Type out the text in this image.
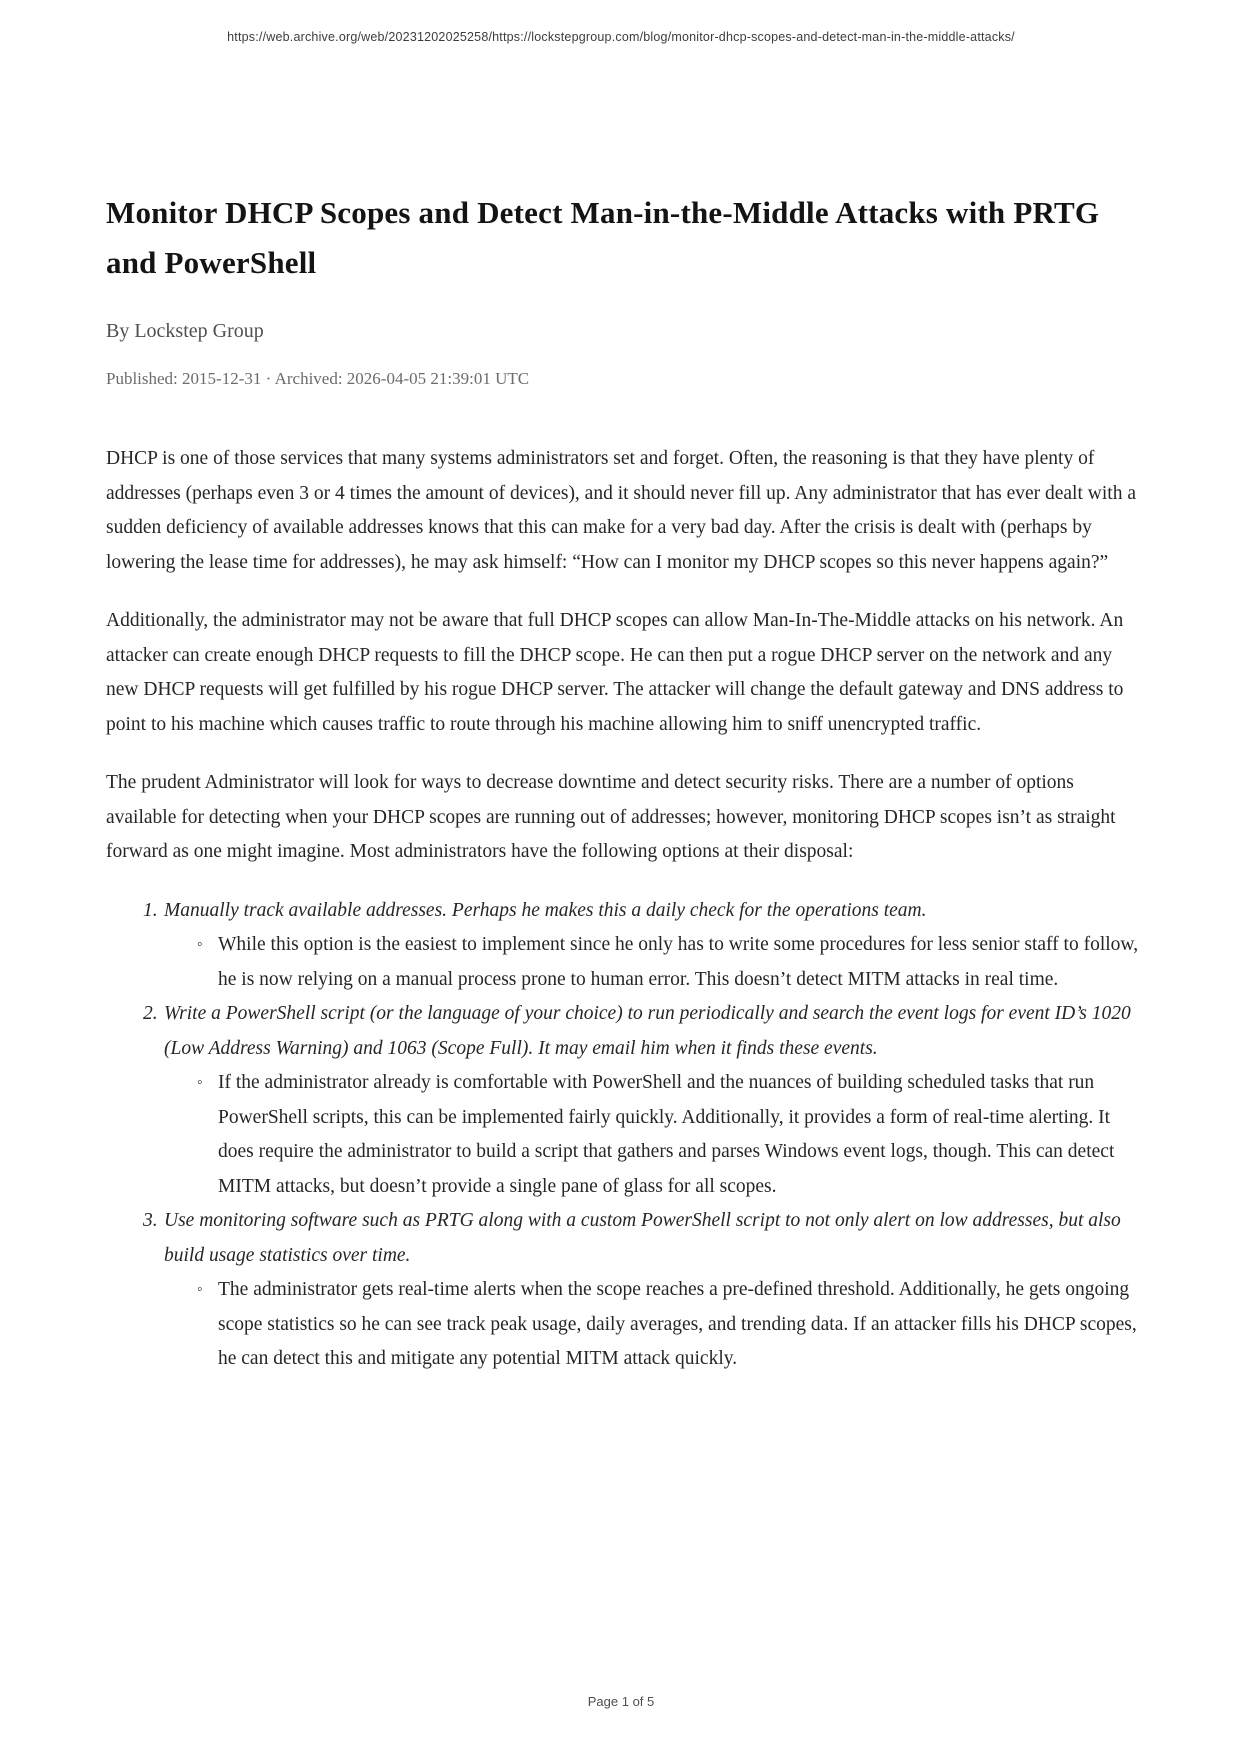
https://web.archive.org/web/20231202025258/https://lockstepgroup.com/blog/monitor-dhcp-scopes-and-detect-man-in-the-middle-attacks/
Monitor DHCP Scopes and Detect Man-in-the-Middle Attacks with PRTG and PowerShell
By Lockstep Group
Published: 2015-12-31 · Archived: 2026-04-05 21:39:01 UTC

DHCP is one of those services that many systems administrators set and forget. Often, the reasoning is that they have plenty of addresses (perhaps even 3 or 4 times the amount of devices), and it should never fill up. Any administrator that has ever dealt with a sudden deficiency of available addresses knows that this can make for a very bad day. After the crisis is dealt with (perhaps by lowering the lease time for addresses), he may ask himself: “How can I monitor my DHCP scopes so this never happens again?”

Additionally, the administrator may not be aware that full DHCP scopes can allow Man-In-The-Middle attacks on his network. An attacker can create enough DHCP requests to fill the DHCP scope. He can then put a rogue DHCP server on the network and any new DHCP requests will get fulfilled by his rogue DHCP server. The attacker will change the default gateway and DNS address to point to his machine which causes traffic to route through his machine allowing him to sniff unencrypted traffic.

The prudent Administrator will look for ways to decrease downtime and detect security risks. There are a number of options available for detecting when your DHCP scopes are running out of addresses; however, monitoring DHCP scopes isn’t as straight forward as one might imagine. Most administrators have the following options at their disposal:

1. Manually track available addresses. Perhaps he makes this a daily check for the operations team.
◦ While this option is the easiest to implement since he only has to write some procedures for less senior staff to follow, he is now relying on a manual process prone to human error. This doesn’t detect MITM attacks in real time.
2. Write a PowerShell script (or the language of your choice) to run periodically and search the event logs for event ID’s 1020 (Low Address Warning) and 1063 (Scope Full). It may email him when it finds these events.
◦ If the administrator already is comfortable with PowerShell and the nuances of building scheduled tasks that run PowerShell scripts, this can be implemented fairly quickly. Additionally, it provides a form of real-time alerting. It does require the administrator to build a script that gathers and parses Windows event logs, though. This can detect MITM attacks, but doesn’t provide a single pane of glass for all scopes.
3. Use monitoring software such as PRTG along with a custom PowerShell script to not only alert on low addresses, but also build usage statistics over time.
◦ The administrator gets real-time alerts when the scope reaches a pre-defined threshold. Additionally, he gets ongoing scope statistics so he can see track peak usage, daily averages, and trending data. If an attacker fills his DHCP scopes, he can detect this and mitigate any potential MITM attack quickly.
Page 1 of 5
